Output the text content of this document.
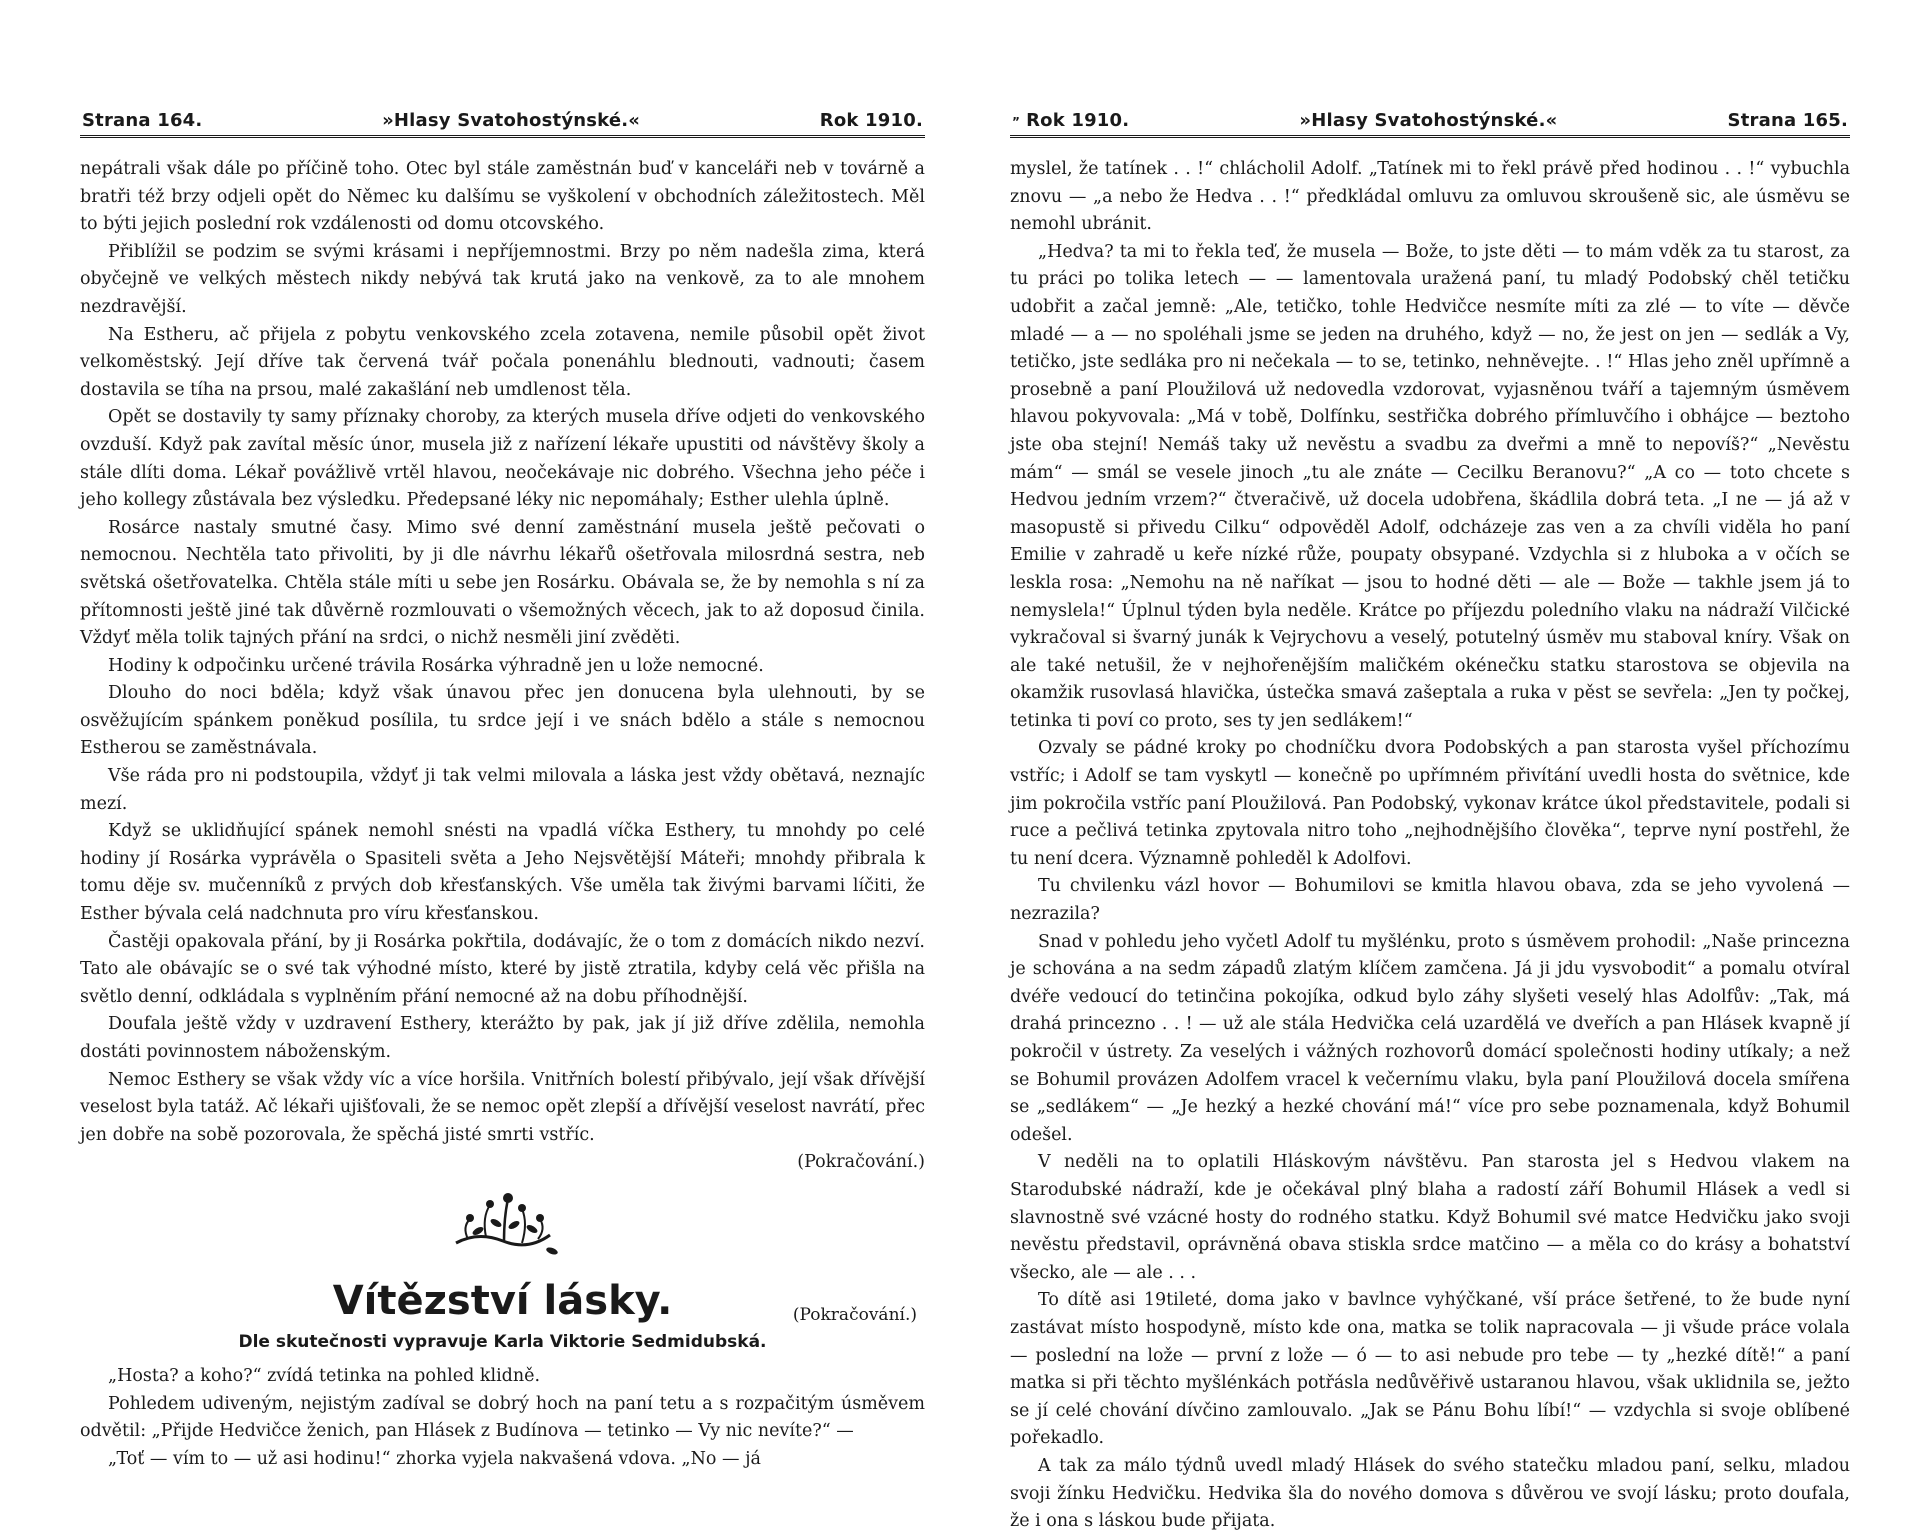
Strana 164.	»Hlasy Svatohostýnské.«	Rok 1910.

nepátrali však dále po příčině toho. Otec byl stále zaměstnán buď v kanceláři neb v továrně a bratři též brzy odjeli opět do Němec ku dalšímu se vyškolení v obchodních záležitostech. Měl to býti jejich poslední rok vzdálenosti od domu otcovského.

Přiblížil se podzim se svými krásami i nepříjemnostmi. Brzy po něm nadešla zima, která obyčejně ve velkých městech nikdy nebývá tak krutá jako na venkově, za to ale mnohem nezdravější.

Na Estheru, ač přijela z pobytu venkovského zcela zotavena, nemile působil opět život velkoměstský. Její dříve tak červená tvář počala ponenáhlu blednouti, vadnouti; časem dostavila se tíha na prsou, malé zakašlání neb umdlenost těla.

Opět se dostavily ty samy příznaky choroby, za kterých musela dříve odjeti do venkovského ovzduší. Když pak zavítal měsíc únor, musela již z nařízení lékaře upustiti od návštěvy školy a stále dlíti doma. Lékař povážlivě vrtěl hlavou, neočekávaje nic dobrého. Všechna jeho péče i jeho kollegy zůstávala bez výsledku. Předepsané léky nic nepomáhaly; Esther ulehla úplně.

Rosárce nastaly smutné časy. Mimo své denní zaměstnání musela ještě pečovati o nemocnou. Nechtěla tato přivoliti, by ji dle návrhu lékařů ošetřovala milosrdná sestra, neb světská ošetřovatelka. Chtěla stále míti u sebe jen Rosárku. Obávala se, že by nemohla s ní za přítomnosti ještě jiné tak důvěrně rozmlouvati o všemožných věcech, jak to až doposud činila. Vždyť měla tolik tajných přání na srdci, o nichž nesměli jiní zvěděti.

Hodiny k odpočinku určené trávila Rosárka výhradně jen u lože nemocné.

Dlouho do noci bděla; když však únavou přec jen donucena byla ulehnouti, by se osvěžujícím spánkem poněkud posílila, tu srdce její i ve snách bdělo a stále s nemocnou Estherou se zaměstnávala.

Vše ráda pro ni podstoupila, vždyť ji tak velmi milovala a láska jest vždy obětavá, neznajíc mezí.

Když se uklidňující spánek nemohl snésti na vpadlá víčka Esthery, tu mnohdy po celé hodiny jí Rosárka vyprávěla o Spasiteli světa a Jeho Nejsvětější Máteři; mnohdy přibrala k tomu děje sv. mučenníků z prvých dob křesťanských. Vše uměla tak živými barvami líčiti, že Esther bývala celá nadchnuta pro víru křesťanskou.

Častěji opakovala přání, by ji Rosárka pokřtila, dodávajíc, že o tom z domácích nikdo nezví. Tato ale obávajíc se o své tak výhodné místo, které by jistě ztratila, kdyby celá věc přišla na světlo denní, odkládala s vyplněním přání nemocné až na dobu příhodnější.

Doufala ještě vždy v uzdravení Esthery, kterážto by pak, jak jí již dříve zdělila, nemohla dostáti povinnostem náboženským.

Nemoc Esthery se však vždy víc a více horšila. Vnitřních bolestí přibývalo, její však dřívější veselost byla tatáž. Ač lékaři ujišťovali, že se nemoc opět zlepší a dřívější veselost navrátí, přec jen dobře na sobě pozorovala, že spěchá jisté smrti vstříc.

(Pokračování.)

Vítězství lásky.	(Pokračování.)
Dle skutečnosti vypravuje Karla Viktorie Sedmidubská.

„Hosta? a koho?“ zvídá tetinka na pohled klidně.

Pohledem udiveným, nejistým zadíval se dobrý hoch na paní tetu a s rozpačitým úsměvem odvětil: „Přijde Hedvičce ženich, pan Hlásek z Budínova — tetinko — Vy nic nevíte?“ —

„Toť — vím to — už asi hodinu!“ zhorka vyjela nakvašená vdova. „No — já

” Rok 1910.	»Hlasy Svatohostýnské.«	Strana 165.

myslel, že tatínek . . !“ chlácholil Adolf. „Tatínek mi to řekl právě před hodinou . . !“ vybuchla znovu — „a nebo že Hedva . . !“ předkládal omluvu za omluvou skroušeně sic, ale úsměvu se nemohl ubránit.

„Hedva? ta mi to řekla teď, že musela — Bože, to jste děti — to mám vděk za tu starost, za tu práci po tolika letech — — lamentovala uražená paní, tu mladý Podobský chěl tetičku udobřit a začal jemně: „Ale, tetičko, tohle Hedvičce nesmíte míti za zlé — to víte — děvče mladé — a — no spoléhali jsme se jeden na druhého, když — no, že jest on jen — sedlák a Vy, tetičko, jste sedláka pro ni nečekala — to se, tetinko, nehněvejte. . !“ Hlas jeho zněl upřímně a prosebně a paní Ploužilová už nedovedla vzdorovat, vyjasněnou tváří a tajemným úsměvem hlavou pokyvovala: „Má v tobě, Dolfínku, sestřička dobrého přímluvčího i obhájce — beztoho jste oba stejní! Nemáš taky už nevěstu a svadbu za dveřmi a mně to nepovíš?“ „Nevěstu mám“ — smál se vesele jinoch „tu ale znáte — Cecilku Beranovu?“ „A co — toto chcete s Hedvou jedním vrzem?“ čtveračivě, už docela udobřena, škádlila dobrá teta. „I ne — já až v masopustě si přivedu Cilku“ odpověděl Adolf, odcházeje zas ven a za chvíli viděla ho paní Emilie v zahradě u keře nízké růže, poupaty obsypané. Vzdychla si z hluboka a v očích se leskla rosa: „Nemohu na ně naříkat — jsou to hodné děti — ale — Bože — takhle jsem já to nemyslela!“ Úplnul týden byla neděle. Krátce po příjezdu poledního vlaku na nádraží Vilčické vykračoval si švarný junák k Vejrychovu a veselý, potutelný úsměv mu staboval kníry. Však on ale také netušil, že v nejhořenějším maličkém okénečku statku starostova se objevila na okamžik rusovlasá hlavička, ústečka smavá zašeptala a ruka v pěst se sevřela: „Jen ty počkej, tetinka ti poví co proto, ses ty jen sedlákem!“

Ozvaly se pádné kroky po chodníčku dvora Podobských a pan starosta vyšel příchozímu vstříc; i Adolf se tam vyskytl — konečně po upřímném přivítání uvedli hosta do světnice, kde jim pokročila vstříc paní Ploužilová. Pan Podobský, vykonav krátce úkol představitele, podali si ruce a pečlivá tetinka zpytovala nitro toho „nejhodnějšího člověka“, teprve nyní postřehl, že tu není dcera. Významně pohleděl k Adolfovi.

Tu chvilenku vázl hovor — Bohumilovi se kmitla hlavou obava, zda se jeho vyvolená — nezrazila?

Snad v pohledu jeho vyčetl Adolf tu myšlénku, proto s úsměvem prohodil: „Naše princezna je schována a na sedm západů zlatým klíčem zamčena. Já ji jdu vysvobodit“ a pomalu otvíral dvéře vedoucí do tetinčina pokojíka, odkud bylo záhy slyšeti veselý hlas Adolfův: „Tak, má drahá princezno . . ! — už ale stála Hedvička celá uzardělá ve dveřích a pan Hlásek kvapně jí pokročil v ústrety. Za veselých i vážných rozhovorů domácí společnosti hodiny utíkaly; a než se Bohumil provázen Adolfem vracel k večernímu vlaku, byla paní Ploužilová docela smířena se „sedlákem“ — „Je hezký a hezké chování má!“ více pro sebe poznamenala, když Bohumil odešel.

V neděli na to oplatili Hláskovým návštěvu. Pan starosta jel s Hedvou vlakem na Starodubské nádraží, kde je očekával plný blaha a radostí září Bohumil Hlásek a vedl si slavnostně své vzácné hosty do rodného statku. Když Bohumil své matce Hedvičku jako svoji nevěstu představil, oprávněná obava stiskla srdce matčino — a měla co do krásy a bohatství všecko, ale — ale . . .

To dítě asi 19tileté, doma jako v bavlnce vyhýčkané, vší práce šetřené, to že bude nyní zastávat místo hospodyně, místo kde ona, matka se tolik napracovala — ji všude práce volala — poslední na lože — první z lože — ó — to asi nebude pro tebe — ty „hezké dítě!“ a paní matka si při těchto myšlénkách potřásla nedůvěřivě ustaranou hlavou, však uklidnila se, ježto se jí celé chování dívčino zamlouvalo. „Jak se Pánu Bohu líbí!“ — vzdychla si svoje oblíbené pořekadlo.

A tak za málo týdnů uvedl mladý Hlásek do svého statečku mladou paní, selku, mladou svoji žínku Hedvičku. Hedvika šla do nového domova s důvěrou ve svojí lásku; proto doufala, že i ona s láskou bude přijata.
